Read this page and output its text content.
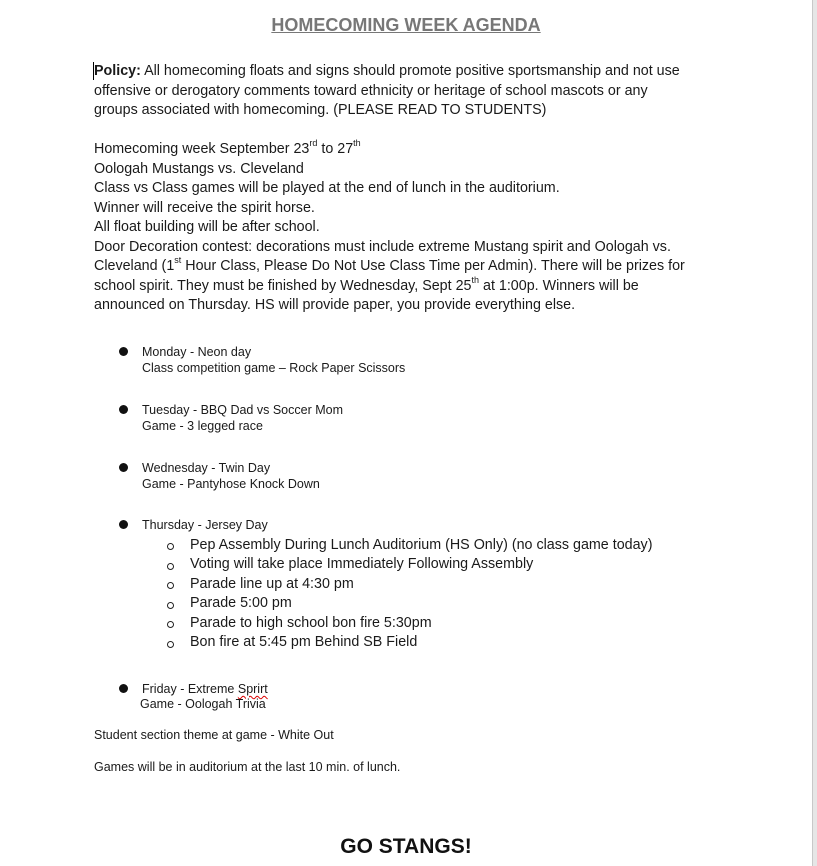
HOMECOMING WEEK AGENDA
Policy: All homecoming floats and signs should promote positive sportsmanship and not use
offensive or derogatory comments toward ethnicity or heritage of school mascots or any
groups associated with homecoming. (PLEASE READ TO STUDENTS)
Homecoming week September 23rd to 27th
Oologah Mustangs vs. Cleveland
Class vs Class games will be played at the end of lunch in the auditorium.
Winner will receive the spirit horse.
All float building will be after school.
Door Decoration contest: decorations must include extreme Mustang spirit and Oologah vs.
Cleveland (1st Hour Class, Please Do Not Use Class Time per Admin). There will be prizes for
school spirit. They must be finished by Wednesday, Sept 25th at 1:00p. Winners will be
announced on Thursday. HS will provide paper, you provide everything else.
Monday - Neon day
Class competition game – Rock Paper Scissors
Tuesday - BBQ Dad vs Soccer Mom
Game - 3 legged race
Wednesday - Twin Day
Game - Pantyhose Knock Down
Thursday - Jersey Day
Pep Assembly During Lunch Auditorium (HS Only) (no class game today)
Voting will take place Immediately Following Assembly
Parade line up at 4:30 pm
Parade 5:00 pm
Parade to high school bon fire 5:30pm
Bon fire at 5:45 pm Behind SB Field
Friday - Extreme Sprirt
Game - Oologah Trivia
Student section theme at game - White Out
Games will be in auditorium at the last 10 min. of lunch.
GO STANGS!
